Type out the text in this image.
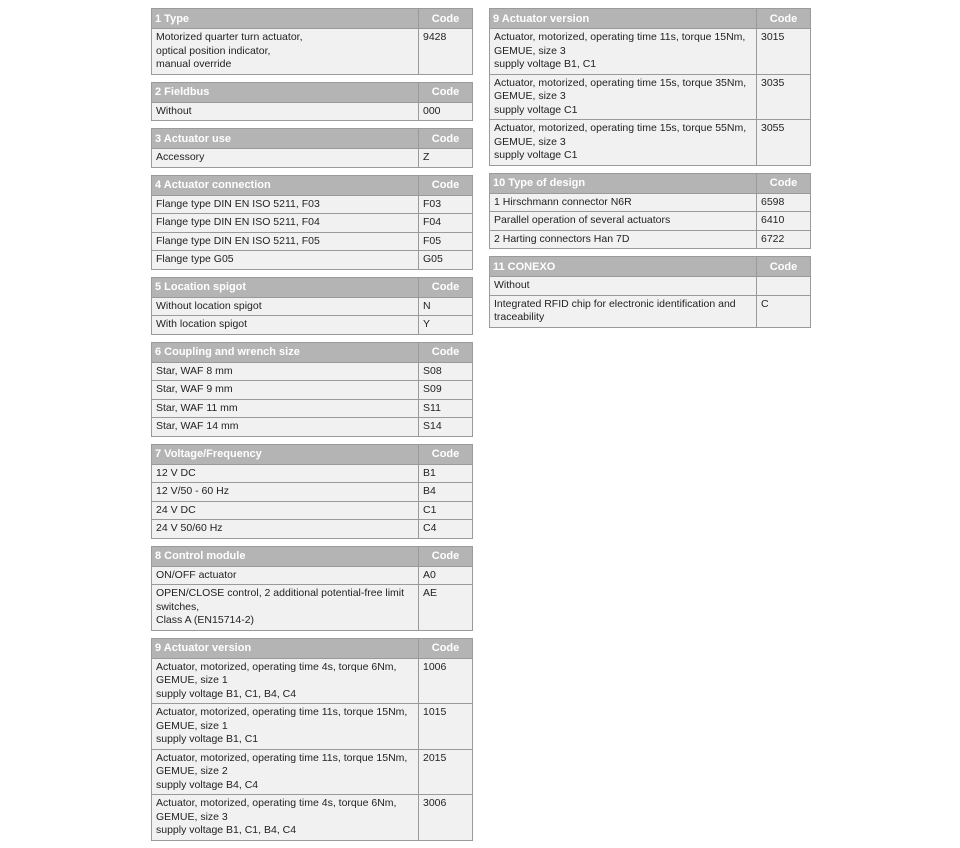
1 Type	Code

Motorized quarter turn actuator,
optical position indicator,
manual override	9428
2 Fieldbus	Code

Without	000
3 Actuator use	Code

Accessory	Z
4 Actuator connection	Code

Flange type DIN EN ISO 5211, F03	F03

Flange type DIN EN ISO 5211, F04	F04

Flange type DIN EN ISO 5211, F05	F05

Flange type G05	G05
5 Location spigot	Code

Without location spigot	N

With location spigot	Y
6 Coupling and wrench size	Code

Star, WAF 8 mm	S08

Star, WAF 9 mm	S09

Star, WAF 11 mm	S11

Star, WAF 14 mm	S14
7 Voltage/Frequency	Code

12 V DC	B1

12 V/50 - 60 Hz	B4

24 V DC	C1

24 V 50/60 Hz	C4
8 Control module	Code

ON/OFF actuator	A0

OPEN/CLOSE control, 2 additional potential-free limit
switches,
Class A (EN15714-2)	AE
9 Actuator version	Code

Actuator, motorized, operating time 4s, torque 6Nm,
GEMUE, size 1
supply voltage B1, C1, B4, C4	1006

Actuator, motorized, operating time 11s, torque 15Nm,
GEMUE, size 1
supply voltage B1, C1	1015

Actuator, motorized, operating time 11s, torque 15Nm,
GEMUE, size 2
supply voltage B4, C4	2015

Actuator, motorized, operating time 4s, torque 6Nm,
GEMUE, size 3
supply voltage B1, C1, B4, C4	3006
9 Actuator version	Code

Actuator, motorized, operating time 11s, torque 15Nm,
GEMUE, size 3
supply voltage B1, C1	3015

Actuator, motorized, operating time 15s, torque 35Nm,
GEMUE, size 3
supply voltage C1	3035

Actuator, motorized, operating time 15s, torque 55Nm,
GEMUE, size 3
supply voltage C1	3055
10 Type of design	Code

1 Hirschmann connector N6R	6598

Parallel operation of several actuators	6410

2 Harting connectors Han 7D	6722
11 CONEXO	Code

Without	

Integrated RFID chip for electronic identification and
traceability	C
